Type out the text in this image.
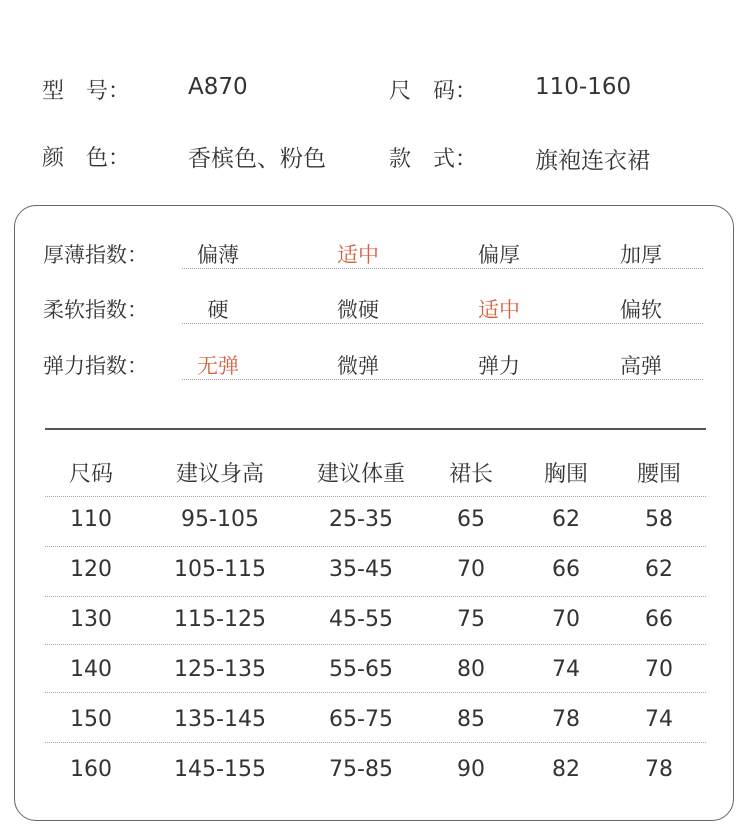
型　号：	A870	尺　码：	110-160
颜　色：	香槟色、粉色	款　式：	旗袍连衣裙
厚薄指数： 偏薄	适中	偏厚	加厚
柔软指数：	硬	微硬	适中	偏软
弹力指数： 无弹	微弹	弹力	高弹
尺码	建议身高 建议体重 裙长 胸围 腰围
110	95-105	25-35	65	62	58
120	105-115	35-45	70	66	62
130	115-125	45-55	75	70	66
140	125-135	55-65	80	74	70
150	135-145	65-75	85	78	74
160	145-155	75-85	90	82	78
